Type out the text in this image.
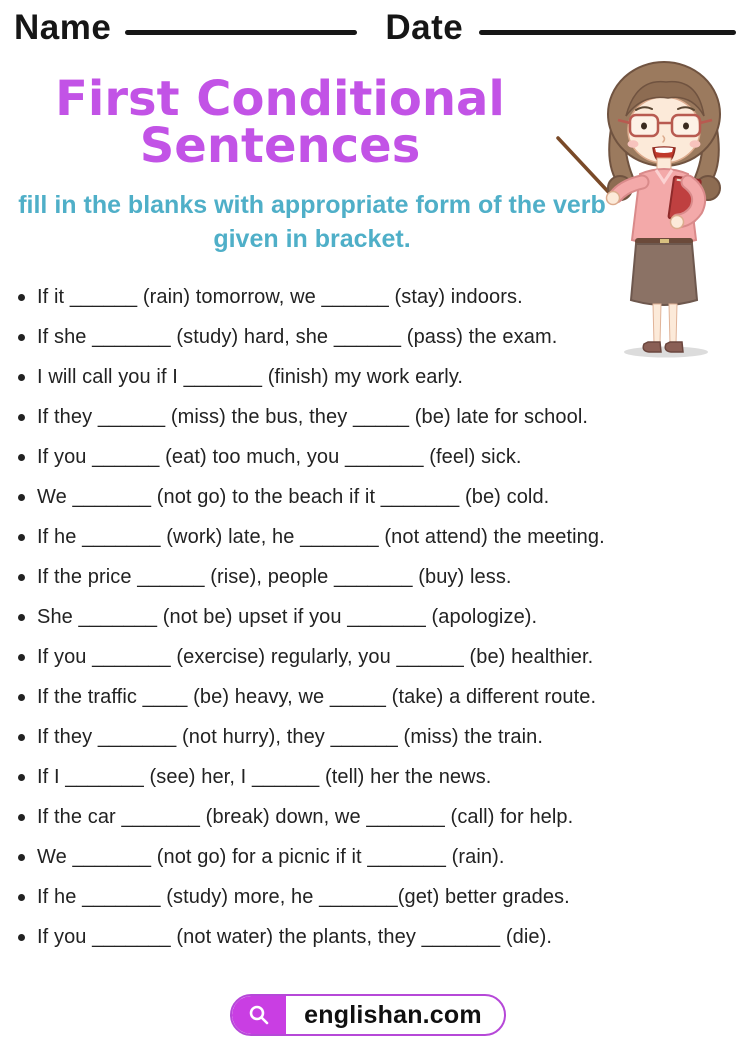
Name	Date
First Conditional
Sentences

fill in the blanks with appropriate form of the verb given in bracket.

If it ______ (rain) tomorrow, we ______ (stay) indoors.
If she _______ (study) hard, she ______ (pass) the exam.
I will call you if I _______ (finish) my work early.
If they ______ (miss) the bus, they _____ (be) late for school.
If you ______ (eat) too much, you _______ (feel) sick.
We _______ (not go) to the beach if it _______ (be) cold.
If he _______ (work) late, he _______ (not attend) the meeting.
If the price ______ (rise), people _______ (buy) less.
She _______ (not be) upset if you _______ (apologize).
If you _______ (exercise) regularly, you ______ (be) healthier.
If the traffic ____ (be) heavy, we _____ (take) a different route.
If they _______ (not hurry), they ______ (miss) the train.
If I _______ (see) her, I ______ (tell) her the news.
If the car _______ (break) down, we _______ (call) for help.
We _______ (not go) for a picnic if it _______ (rain).
If he _______ (study) more, he _______(get) better grades.
If you _______ (not water) the plants, they _______ (die).
englishan.com
